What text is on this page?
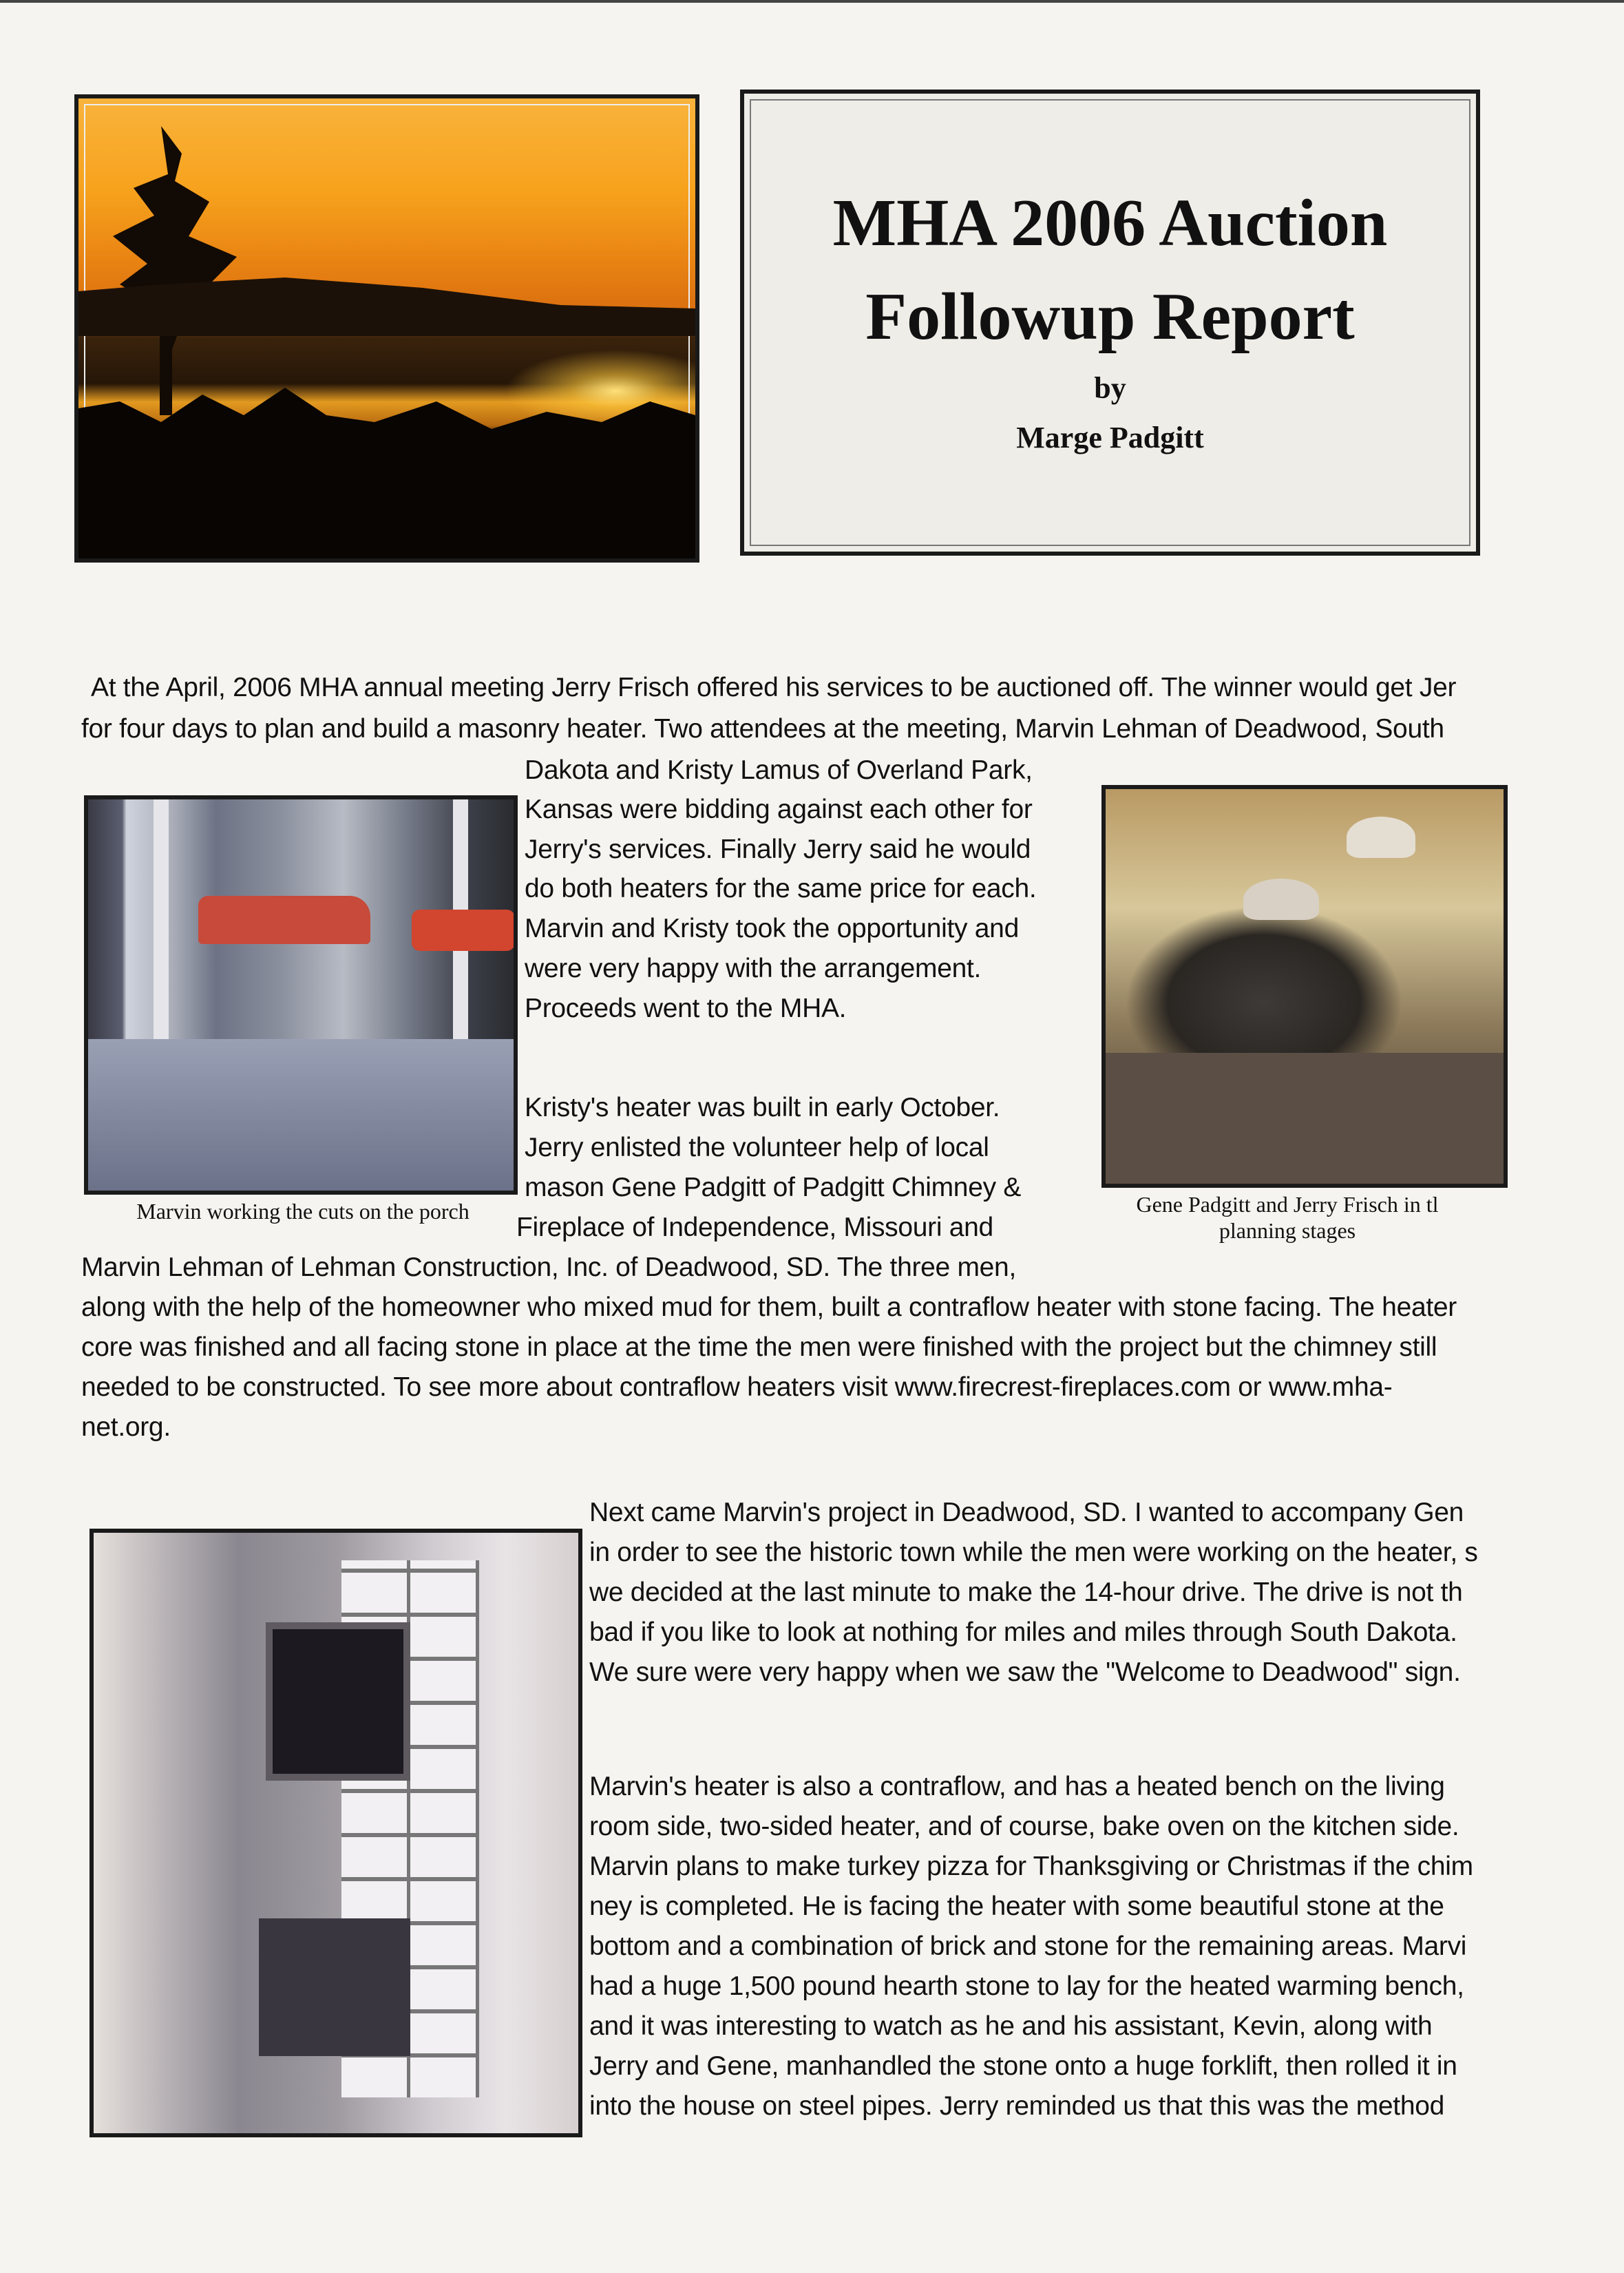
MHA 2006 Auction
Followup Report
by
Marge Padgitt
At the April, 2006 MHA annual meeting Jerry Frisch offered his services to be auctioned off. The winner would get Jer
for four days to plan and build a masonry heater. Two attendees at the meeting, Marvin Lehman of Deadwood, South
Marvin working the cuts on the porch
Dakota and Kristy Lamus of Overland Park,
Kansas were bidding against each other for
Jerry's services. Finally Jerry said he would
do both heaters for the same price for each.
Marvin and Kristy took the opportunity and
were very happy with the arrangement.
Proceeds went to the MHA.
Kristy's heater was built in early October.
Jerry enlisted the volunteer help of local
mason Gene Padgitt of Padgitt Chimney &
Fireplace of Independence, Missouri and
Gene Padgitt and Jerry Frisch in tl
planning stages
Marvin Lehman of Lehman Construction, Inc. of Deadwood, SD. The three men,
along with the help of the homeowner who mixed mud for them, built a contraflow heater with stone facing. The heater
core was finished and all facing stone in place at the time the men were finished with the project but the chimney still
needed to be constructed. To see more about contraflow heaters visit www.firecrest-fireplaces.com or www.mha-
net.org.
Next came Marvin's project in Deadwood, SD. I wanted to accompany Gen
in order to see the historic town while the men were working on the heater, s
we decided at the last minute to make the 14-hour drive. The drive is not th
bad if you like to look at nothing for miles and miles through South Dakota.
We sure were very happy when we saw the "Welcome to Deadwood" sign.
Marvin's heater is also a contraflow, and has a heated bench on the living
room side, two-sided heater, and of course, bake oven on the kitchen side.
Marvin plans to make turkey pizza for Thanksgiving or Christmas if the chim
ney is completed. He is facing the heater with some beautiful stone at the
bottom and a combination of brick and stone for the remaining areas. Marvi
had a huge 1,500 pound hearth stone to lay for the heated warming bench,
and it was interesting to watch as he and his assistant, Kevin, along with
Jerry and Gene, manhandled the stone onto a huge forklift, then rolled it in
into the house on steel pipes. Jerry reminded us that this was the method
